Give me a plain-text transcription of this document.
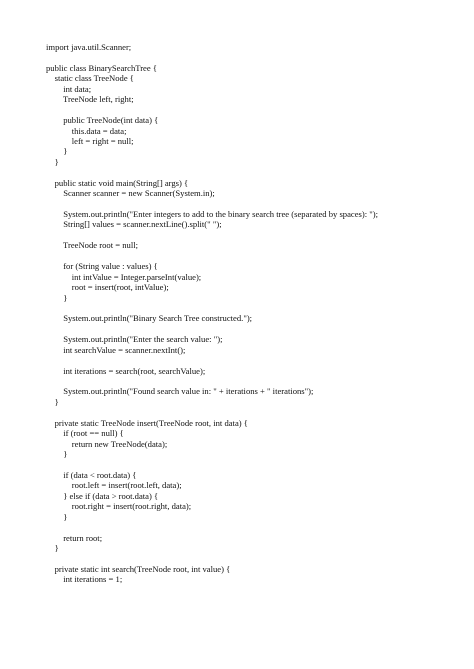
import java.util.Scanner;
public class BinarySearchTree {
static class TreeNode {
int data;
TreeNode left, right;
public TreeNode(int data) {
this.data = data;
left = right = null;
}
}
public static void main(String[] args) {
Scanner scanner = new Scanner(System.in);
System.out.println("Enter integers to add to the binary search tree (separated by spaces): ");
String[] values = scanner.nextLine().split(" ");
TreeNode root = null;
for (String value : values) {
int intValue = Integer.parseInt(value);
root = insert(root, intValue);
}
System.out.println("Binary Search Tree constructed.");
System.out.println("Enter the search value: ");
int searchValue = scanner.nextInt();
int iterations = search(root, searchValue);
System.out.println("Found search value in: " + iterations + " iterations");
}
private static TreeNode insert(TreeNode root, int data) {
if (root == null) {
return new TreeNode(data);
}
if (data < root.data) {
root.left = insert(root.left, data);
} else if (data > root.data) {
root.right = insert(root.right, data);
}
return root;
}
private static int search(TreeNode root, int value) {
int iterations = 1;
